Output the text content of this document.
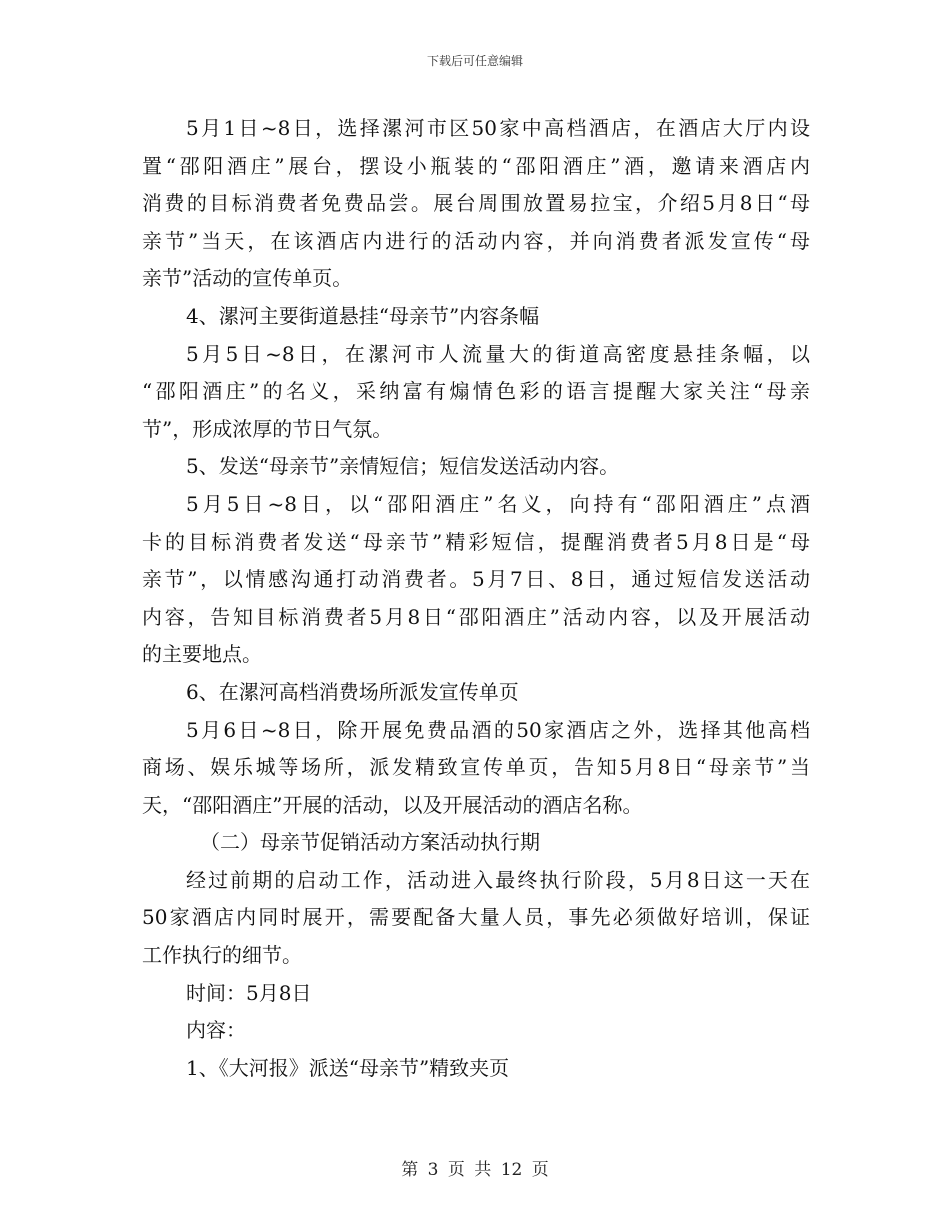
下载后可任意编辑
5月1日~8日，选择漯河市区50家中高档酒店，在酒店大厅内设
置“邵阳酒庄”展台，摆设小瓶装的“邵阳酒庄”酒，邀请来酒店内
消费的目标消费者免费品尝。展台周围放置易拉宝，介绍5月8日“母
亲节”当天，在该酒店内进行的活动内容，并向消费者派发宣传“母
亲节”活动的宣传单页。
4、漯河主要街道悬挂“母亲节”内容条幅
5月5日~8日，在漯河市人流量大的街道高密度悬挂条幅，以
“邵阳酒庄”的名义，采纳富有煽情色彩的语言提醒大家关注“母亲
节”，形成浓厚的节日气氛。
5、发送“母亲节”亲情短信；短信发送活动内容。
5月5日~8日，以“邵阳酒庄”名义，向持有“邵阳酒庄”点酒
卡的目标消费者发送“母亲节”精彩短信，提醒消费者5月8日是“母
亲节”，以情感沟通打动消费者。5月7日、8日，通过短信发送活动
内容，告知目标消费者5月8日“邵阳酒庄”活动内容，以及开展活动
的主要地点。
6、在漯河高档消费场所派发宣传单页
5月6日~8日，除开展免费品酒的50家酒店之外，选择其他高档
商场、娱乐城等场所，派发精致宣传单页，告知5月8日“母亲节”当
天，“邵阳酒庄”开展的活动，以及开展活动的酒店名称。
（二）母亲节促销活动方案活动执行期
经过前期的启动工作，活动进入最终执行阶段，5月8日这一天在
50家酒店内同时展开，需要配备大量人员，事先必须做好培训，保证
工作执行的细节。
时间：5月8日
内容：
1、《大河报》派送“母亲节”精致夹页
第 3 页 共 12 页
